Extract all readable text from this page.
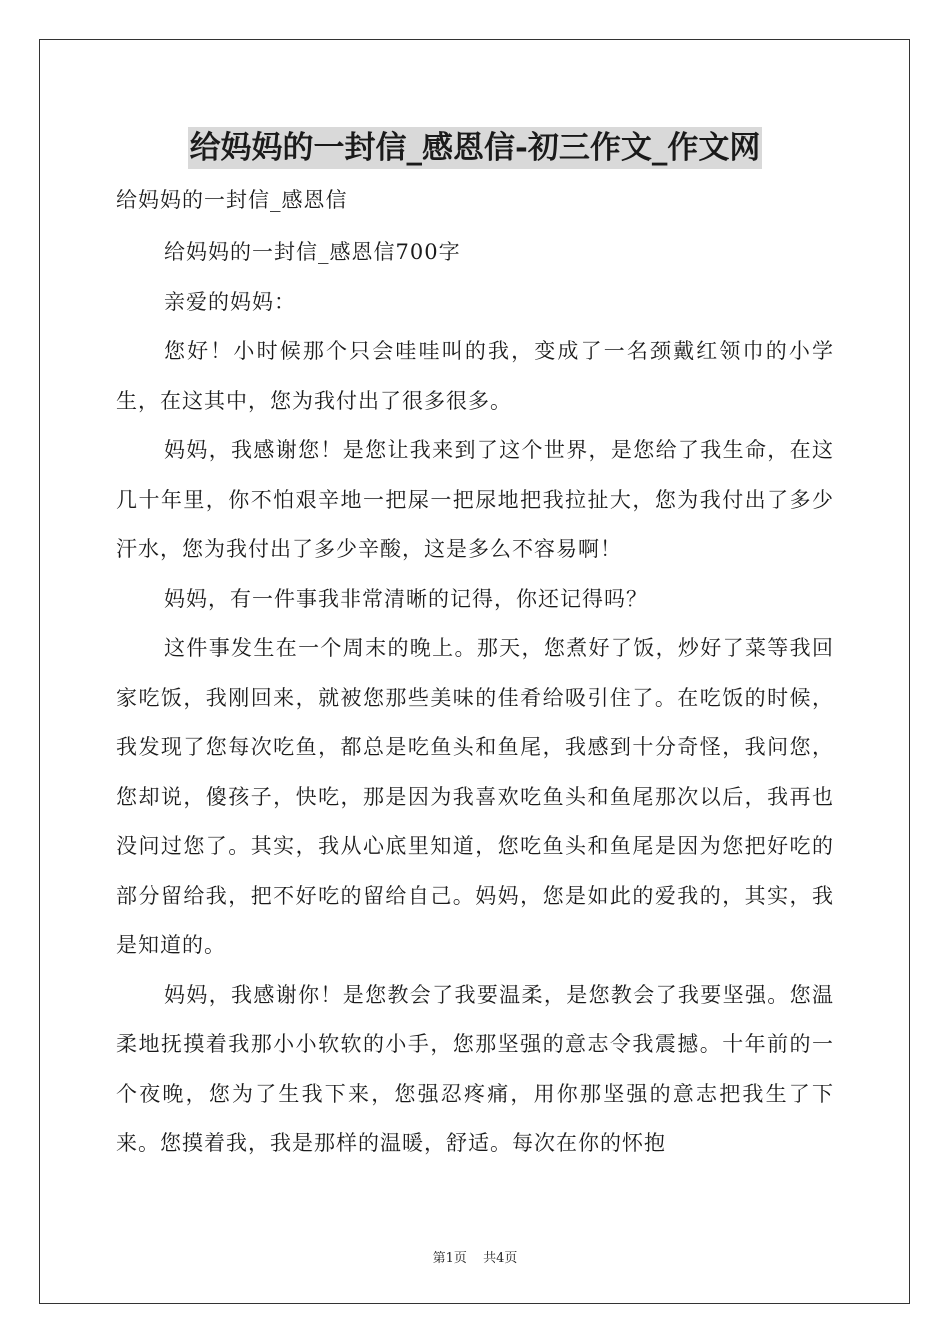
给妈妈的一封信_感恩信-初三作文_作文网

给妈妈的一封信_感恩信

给妈妈的一封信_感恩信700字

亲爱的妈妈：

您好！小时候那个只会哇哇叫的我，变成了一名颈戴红领巾的小学生，在这其中，您为我付出了很多很多。

妈妈，我感谢您！是您让我来到了这个世界，是您给了我生命，在这几十年里，你不怕艰辛地一把屎一把尿地把我拉扯大，您为我付出了多少汗水，您为我付出了多少辛酸，这是多么不容易啊！

妈妈，有一件事我非常清晰的记得，你还记得吗？

这件事发生在一个周末的晚上。那天，您煮好了饭，炒好了菜等我回家吃饭，我刚回来，就被您那些美味的佳肴给吸引住了。在吃饭的时候，我发现了您每次吃鱼，都总是吃鱼头和鱼尾，我感到十分奇怪，我问您，您却说，傻孩子，快吃，那是因为我喜欢吃鱼头和鱼尾那次以后，我再也没问过您了。其实，我从心底里知道，您吃鱼头和鱼尾是因为您把好吃的部分留给我，把不好吃的留给自己。妈妈，您是如此的爱我的，其实，我是知道的。

妈妈，我感谢你！是您教会了我要温柔，是您教会了我要坚强。您温柔地抚摸着我那小小软软的小手，您那坚强的意志令我震撼。十年前的一个夜晚，您为了生我下来，您强忍疼痛，用你那坚强的意志把我生了下来。您摸着我，我是那样的温暖，舒适。每次在你的怀抱

第1页 共4页
